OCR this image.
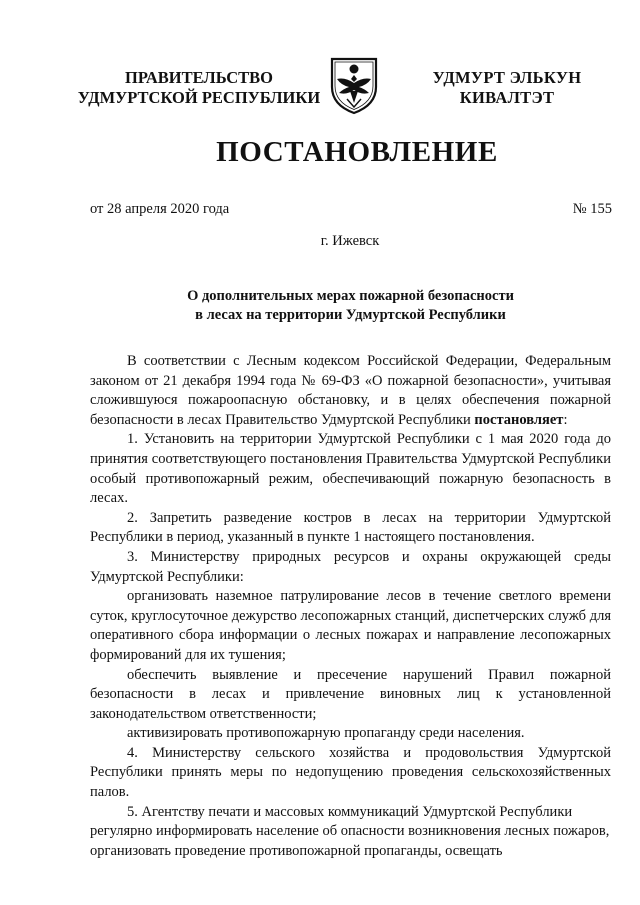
ПРАВИТЕЛЬСТВО
УДМУРТСКОЙ РЕСПУБЛИКИ
УДМУРТ ЭЛЬКУН
КИВАЛТЭТ
ПОСТАНОВЛЕНИЕ
от 28 апреля 2020 года	№ 155
г. Ижевск
О дополнительных мерах пожарной безопасности
в лесах на территории Удмуртской Республики

В соответствии с Лесным кодексом Российской Федерации, Федеральным законом от 21 декабря 1994 года № 69-ФЗ «О пожарной безопасности», учитывая сложившуюся пожароопасную обстановку, и в целях обеспечения пожарной безопасности в лесах Правительство Удмуртской Республики постановляет:

1. Установить на территории Удмуртской Республики с 1 мая 2020 года до принятия соответствующего постановления Правительства Удмуртской Республики особый противопожарный режим, обеспечивающий пожарную безопасность в лесах.

2. Запретить разведение костров в лесах на территории Удмуртской Республики в период, указанный в пункте 1 настоящего постановления.

3. Министерству природных ресурсов и охраны окружающей среды Удмуртской Республики:

организовать наземное патрулирование лесов в течение светлого времени суток, круглосуточное дежурство лесопожарных станций, диспетчерских служб для оперативного сбора информации о лесных пожарах и направление лесопожарных формирований для их тушения;

обеспечить выявление и пресечение нарушений Правил пожарной безопасности в лесах и привлечение виновных лиц к установленной законодательством ответственности;

активизировать противопожарную пропаганду среди населения.

4. Министерству сельского хозяйства и продовольствия Удмуртской Республики принять меры по недопущению проведения сельскохозяйственных палов.

5. Агентству печати и массовых коммуникаций Удмуртской Республики регулярно информировать население об опасности возникновения лесных пожаров, организовать проведение противопожарной пропаганды, освещать
